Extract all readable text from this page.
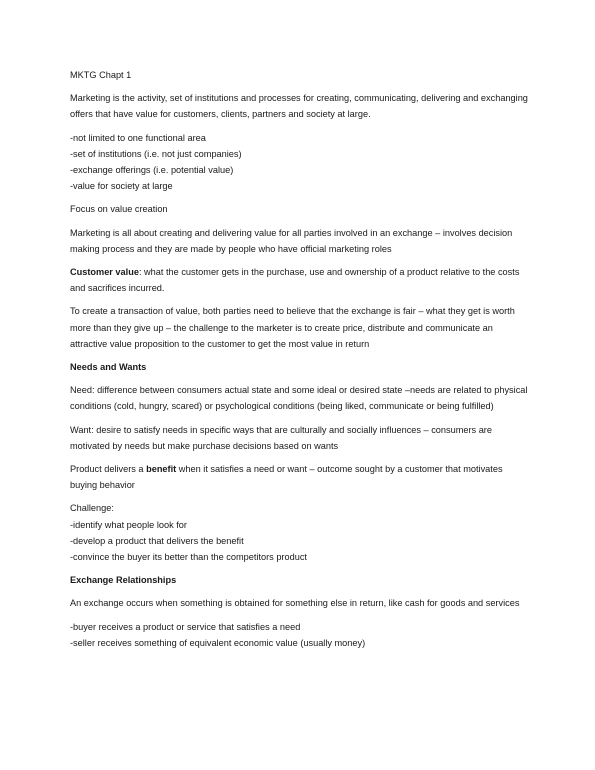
MKTG Chapt 1

Marketing is the activity, set of institutions and processes for creating, communicating, delivering and exchanging offers that have value for customers, clients, partners and society at large.

-not limited to one functional area

-set of institutions (i.e. not just companies)

-exchange offerings (i.e. potential value)

-value for society at large

Focus on value creation

Marketing is all about creating and delivering value for all parties involved in an exchange – involves decision making process and they are made by people who have official marketing roles

Customer value: what the customer gets in the purchase, use and ownership of a product relative to the costs and sacrifices incurred.

To create a transaction of value, both parties need to believe that the exchange is fair – what they get is worth more than they give up – the challenge to the marketer is to create price, distribute and communicate an attractive value proposition to the customer to get the most value in return

Needs and Wants

Need: difference between consumers actual state and some ideal or desired state –needs are related to physical conditions (cold, hungry, scared) or psychological conditions (being liked, communicate or being fulfilled)

Want: desire to satisfy needs in specific ways that are culturally and socially influences – consumers are motivated by needs but make purchase decisions based on wants

Product delivers a benefit when it satisfies a need or want – outcome sought by a customer that motivates buying behavior

Challenge:

-identify what people look for

-develop a product that delivers the benefit

-convince the buyer its better than the competitors product

Exchange Relationships

An exchange occurs when something is obtained for something else in return, like cash for goods and services

-buyer receives a product or service that satisfies a need

-seller receives something of equivalent economic value (usually money)
